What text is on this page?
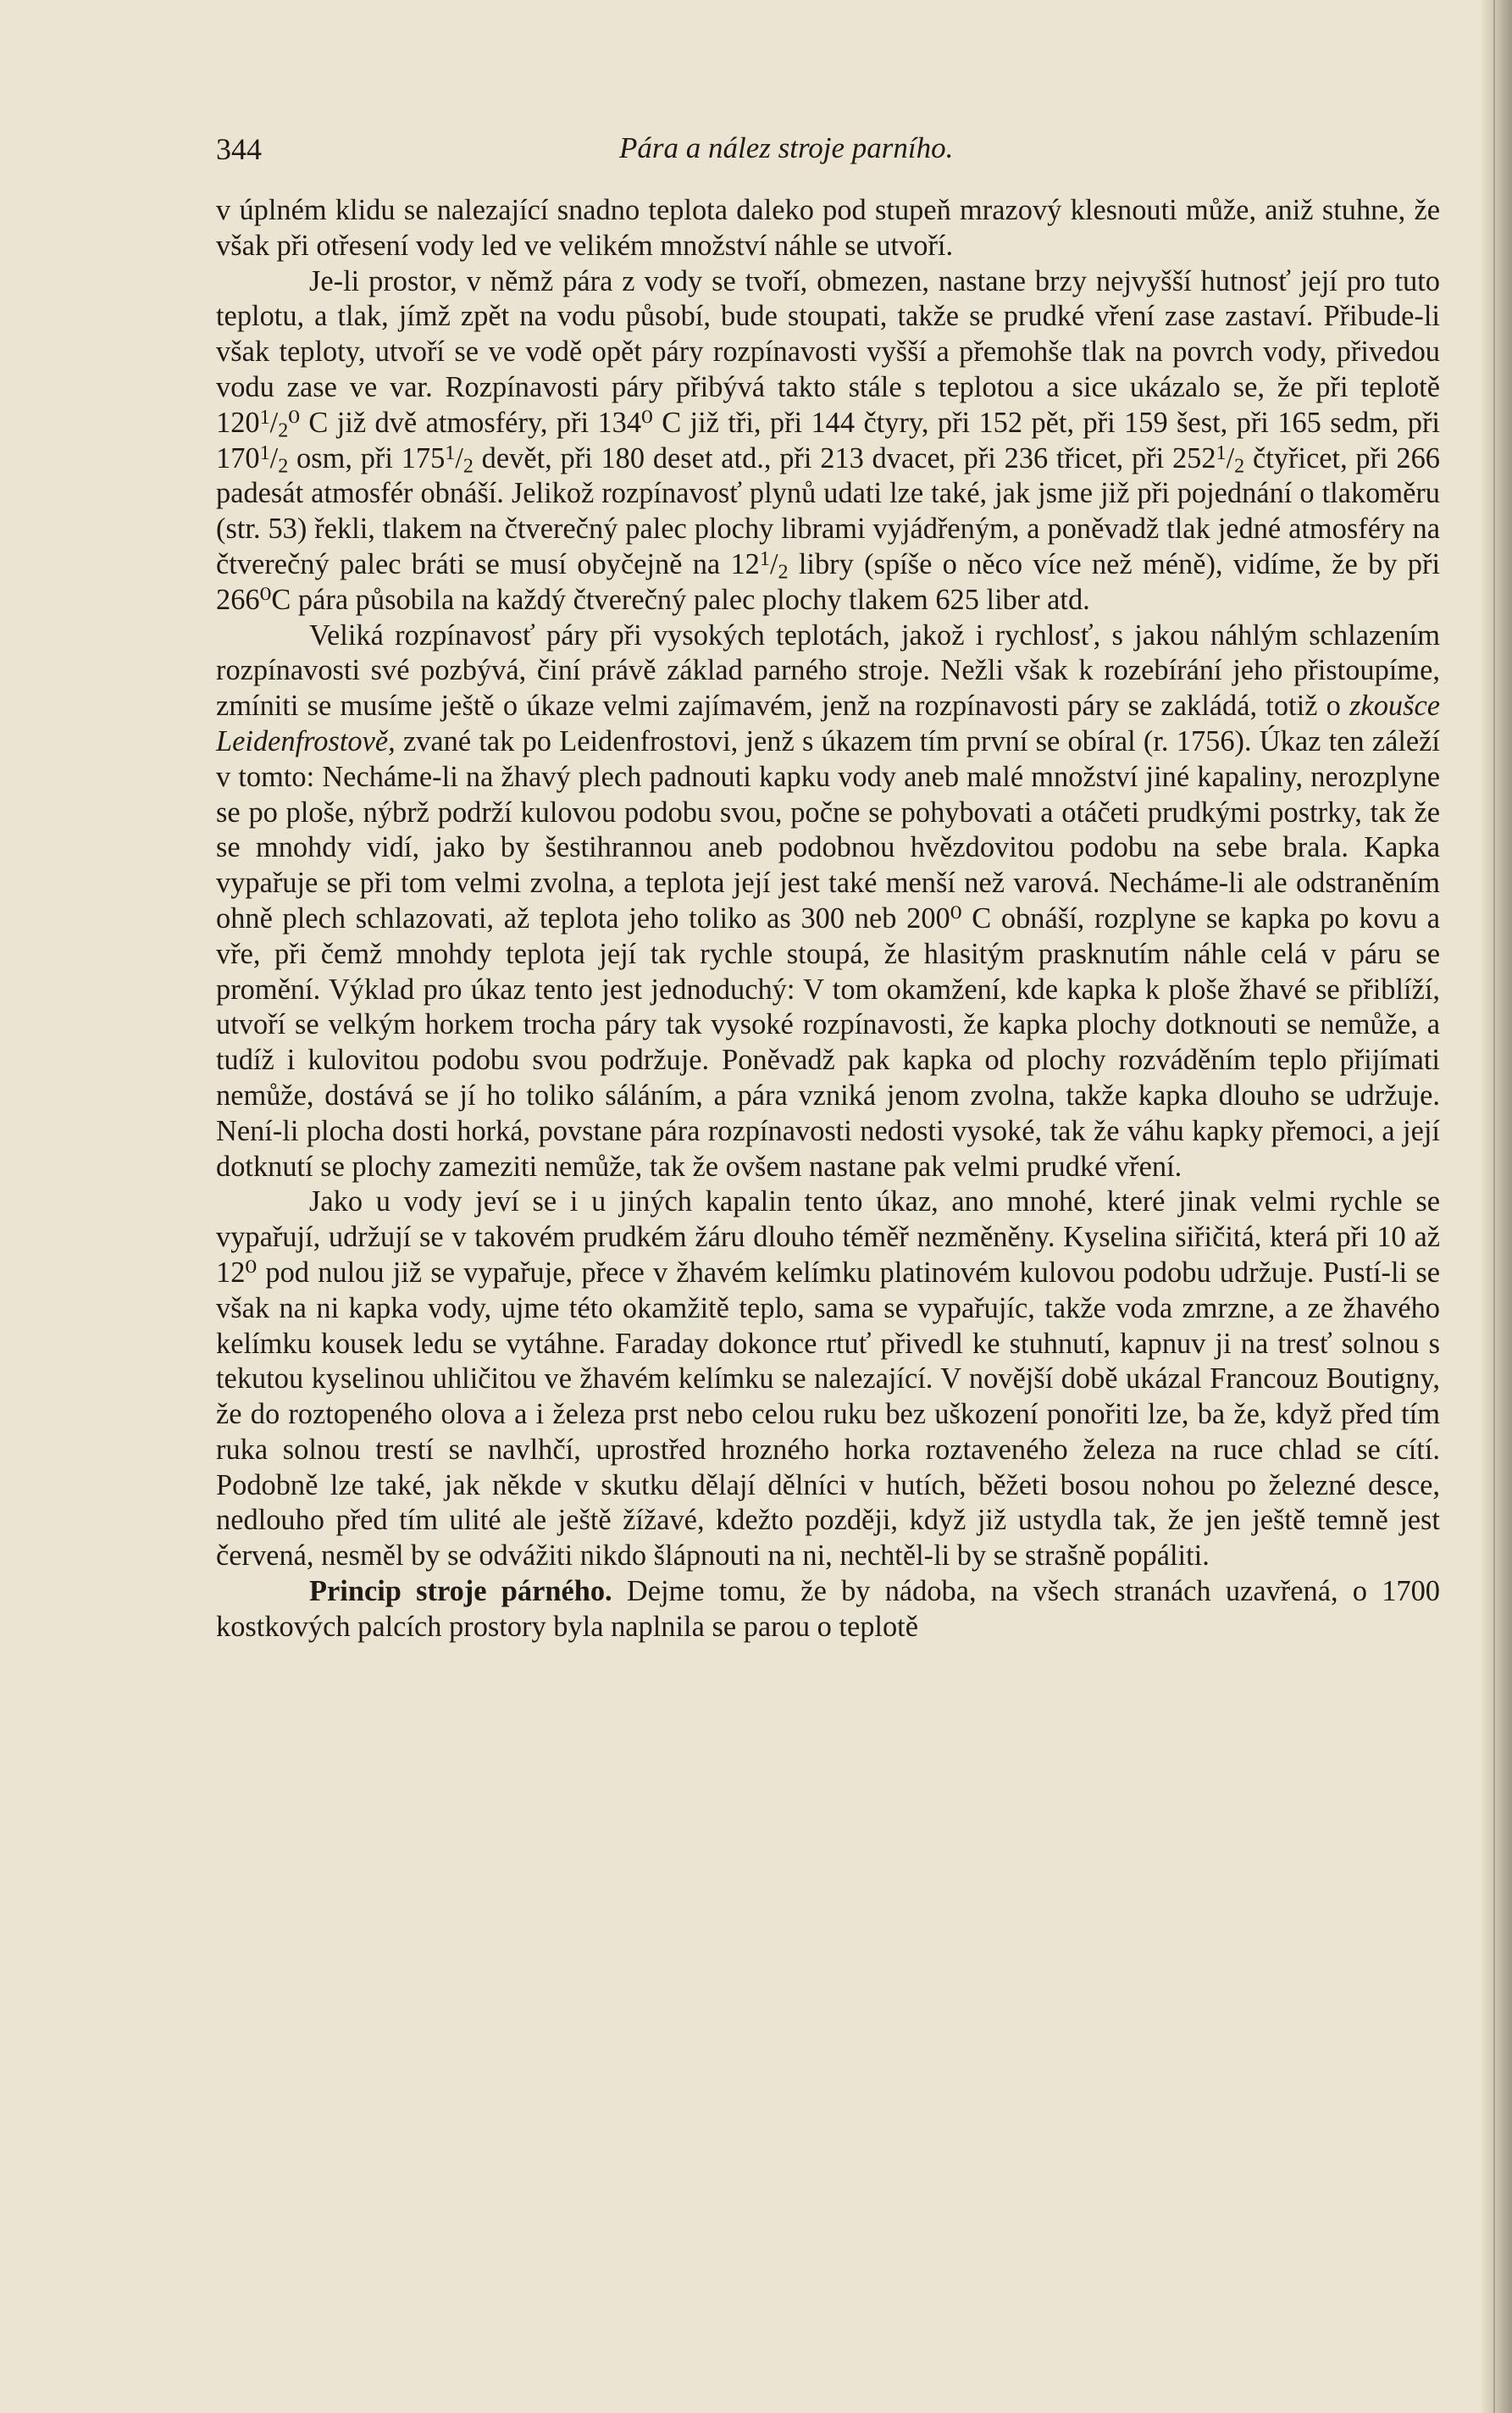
344	Pára a nález stroje parního.

v úplném klidu se nalezající snadno teplota daleko pod stupeň mrazový klesnouti může, aniž stuhne, že však při otřesení vody led ve velikém množství náhle se utvoří.

Je-li prostor, v němž pára z vody se tvoří, obmezen, nastane brzy nejvyšší hutnosť její pro tuto teplotu, a tlak, jímž zpět na vodu působí, bude stoupati, takže se prudké vření zase zastaví. Přibude-li však teploty, utvoří se ve vodě opět páry rozpínavosti vyšší a přemohše tlak na povrch vody, přivedou vodu zase ve var. Rozpínavosti páry přibývá takto stále s teplotou a sice ukázalo se, že při teplotě $120^1/_2^0$ C již dvě atmosféry, při 134⁰ C již tři, při 144 čtyry, při 152 pět, při 159 šest, při 165 sedm, při $170^1/_2$ osm, při $175^1/_2$ devět, při 180 deset atd., při 213 dvacet, při 236 třicet, při $252^1/_2$ čtyřicet, při 266 padesát atmosfér obnáší. Jelikož rozpínavosť plynů udati lze také, jak jsme již při pojednání o tlakoměru (str. 53) řekli, tlakem na čtverečný palec plochy librami vyjádřeným, a poněvadž tlak jedné atmosféry na čtverečný palec bráti se musí obyčejně na $12^1/_2$ libry (spíše o něco více než méně), vidíme, že by při 266⁰C pára působila na každý čtverečný palec plochy tlakem 625 liber atd.

Veliká rozpínavosť páry při vysokých teplotách, jakož i rychlosť, s jakou náhlým schlazením rozpínavosti své pozbývá, činí právě základ parného stroje. Nežli však k rozebírání jeho přistoupíme, zmíniti se musíme ještě o úkaze velmi zajímavém, jenž na rozpínavosti páry se zakládá, totiž o zkoušce Leidenfrostově, zvané tak po Leidenfrostovi, jenž s úkazem tím první se obíral (r. 1756). Úkaz ten záleží v tomto: Necháme-li na žhavý plech padnouti kapku vody aneb malé množství jiné kapaliny, nerozplyne se po ploše, nýbrž podrží kulovou podobu svou, počne se pohybovati a otáčeti prudkými postrky, tak že se mnohdy vidí, jako by šestihrannou aneb podobnou hvězdovitou podobu na sebe brala. Kapka vypařuje se při tom velmi zvolna, a teplota její jest také menší než varová. Necháme-li ale odstraněním ohně plech schlazovati, až teplota jeho toliko as 300 neb 200⁰ C obnáší, rozplyne se kapka po kovu a vře, při čemž mnohdy teplota její tak rychle stoupá, že hlasitým prasknutím náhle celá v páru se promění. Výklad pro úkaz tento jest jednoduchý: V tom okamžení, kde kapka k ploše žhavé se přiblíží, utvoří se velkým horkem trocha páry tak vysoké rozpínavosti, že kapka plochy dotknouti se nemůže, a tudíž i kulovitou podobu svou podržuje. Poněvadž pak kapka od plochy rozváděním teplo přijímati nemůže, dostává se jí ho toliko sáláním, a pára vzniká jenom zvolna, takže kapka dlouho se udržuje. Není-li plocha dosti horká, povstane pára rozpínavosti nedosti vysoké, tak že váhu kapky přemoci, a její dotknutí se plochy zameziti nemůže, tak že ovšem nastane pak velmi prudké vření.

Jako u vody jeví se i u jiných kapalin tento úkaz, ano mnohé, které jinak velmi rychle se vypařují, udržují se v takovém prudkém žáru dlouho téměř nezměněny. Kyselina siřičitá, která při 10 až 12⁰ pod nulou již se vypařuje, přece v žhavém kelímku platinovém kulovou podobu udržuje. Pustí-li se však na ni kapka vody, ujme této okamžitě teplo, sama se vypařujíc, takže voda zmrzne, a ze žhavého kelímku kousek ledu se vytáhne. Faraday dokonce rtuť přivedl ke stuhnutí, kapnuv ji na tresť solnou s tekutou kyselinou uhličitou ve žhavém kelímku se nalezající. V novější době ukázal Francouz Boutigny, že do roztopeného olova a i železa prst nebo celou ruku bez uškození ponořiti lze, ba že, když před tím ruka solnou trestí se navlhčí, uprostřed hrozného horka roztaveného železa na ruce chlad se cítí. Podobně lze také, jak někde v skutku dělají dělníci v hutích, běžeti bosou nohou po železné desce, nedlouho před tím ulité ale ještě žížavé, kdežto později, když již ustydla tak, že jen ještě temně jest červená, nesměl by se odvážiti nikdo šlápnouti na ni, nechtěl-li by se strašně popáliti.

Princip stroje párného. Dejme tomu, že by nádoba, na všech stranách uzavřená, o 1700 kostkových palcích prostory byla naplnila se parou o teplotě
